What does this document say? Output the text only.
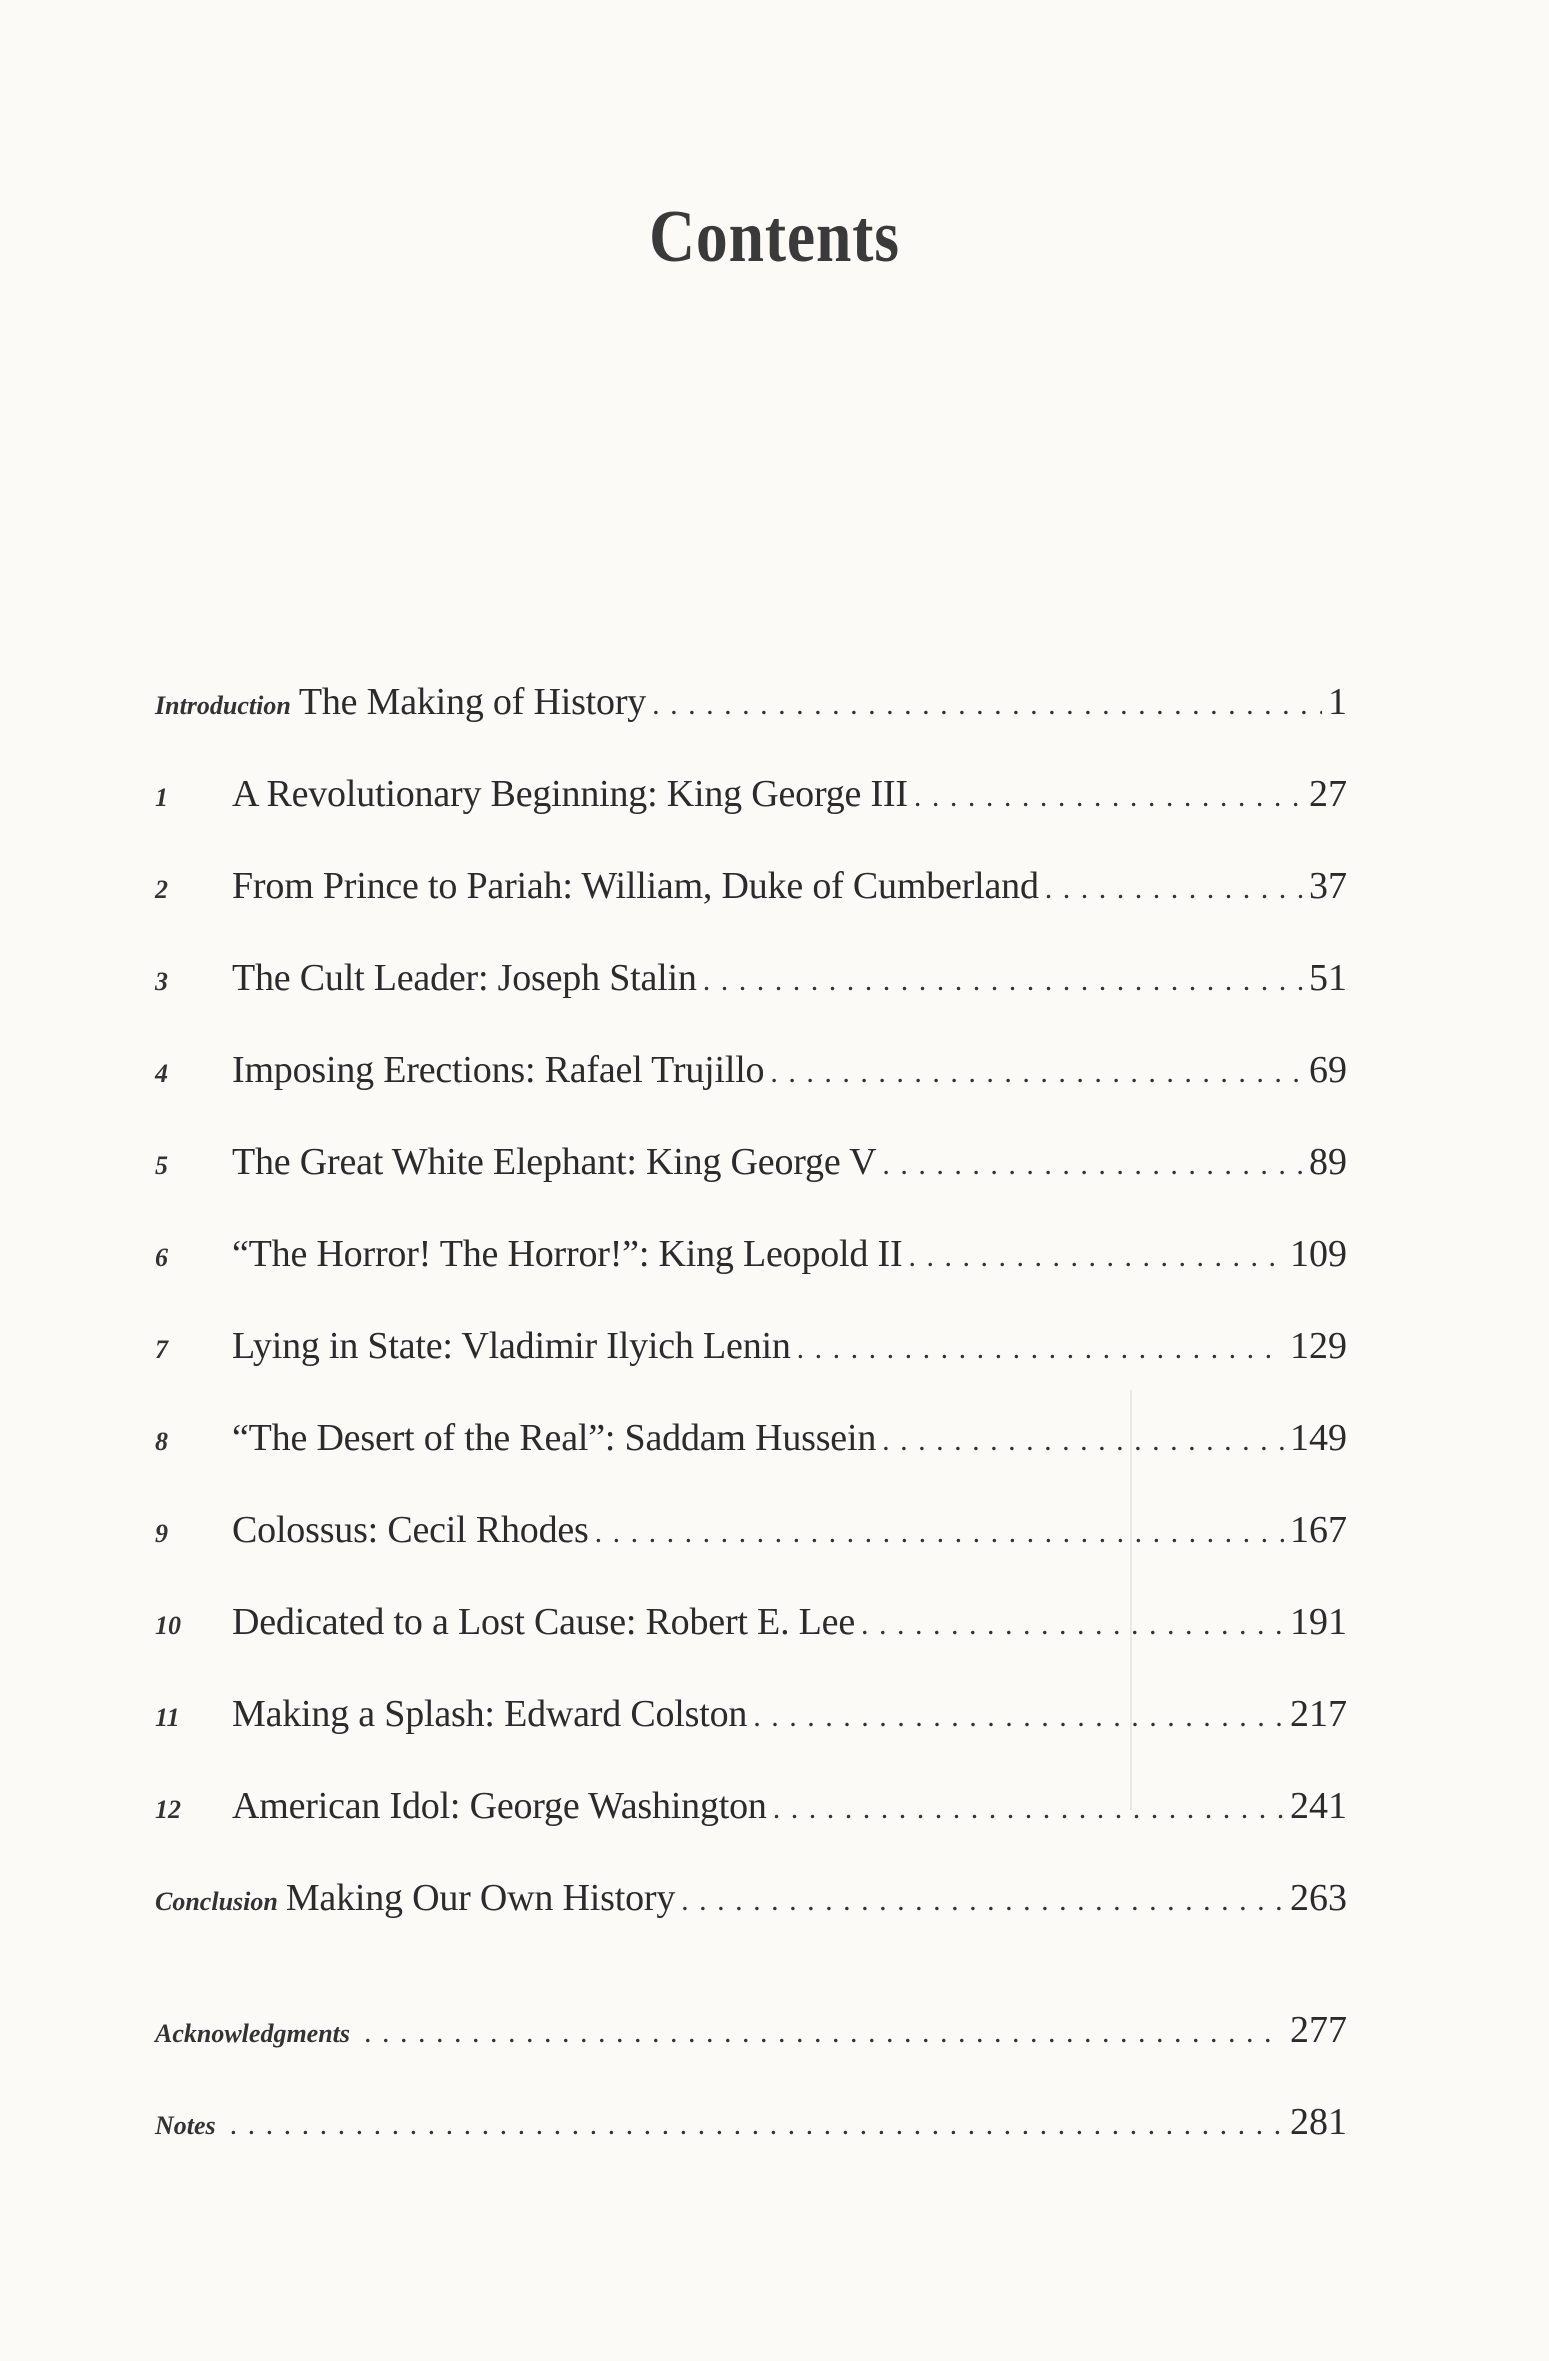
Contents
Introduction The Making of History . . .	1
1	A Revolutionary Beginning: King George III . . .	27
2	From Prince to Pariah: William, Duke of Cumberland . . .	37
3	The Cult Leader: Joseph Stalin . . .	51
4	Imposing Erections: Rafael Trujillo . . .	69
5	The Great White Elephant: King George V . . .	89
6	“The Horror! The Horror!”: King Leopold II . . .	109
7	Lying in State: Vladimir Ilyich Lenin . . .	129
8	“The Desert of the Real”: Saddam Hussein . . .	149
9	Colossus: Cecil Rhodes . . .	167
10	Dedicated to a Lost Cause: Robert E. Lee . . .	191
11	Making a Splash: Edward Colston . . .	217
12	American Idol: George Washington . . .	241
Conclusion Making Our Own History . . .	263
Acknowledgments . . .	277
Notes . . .	281
